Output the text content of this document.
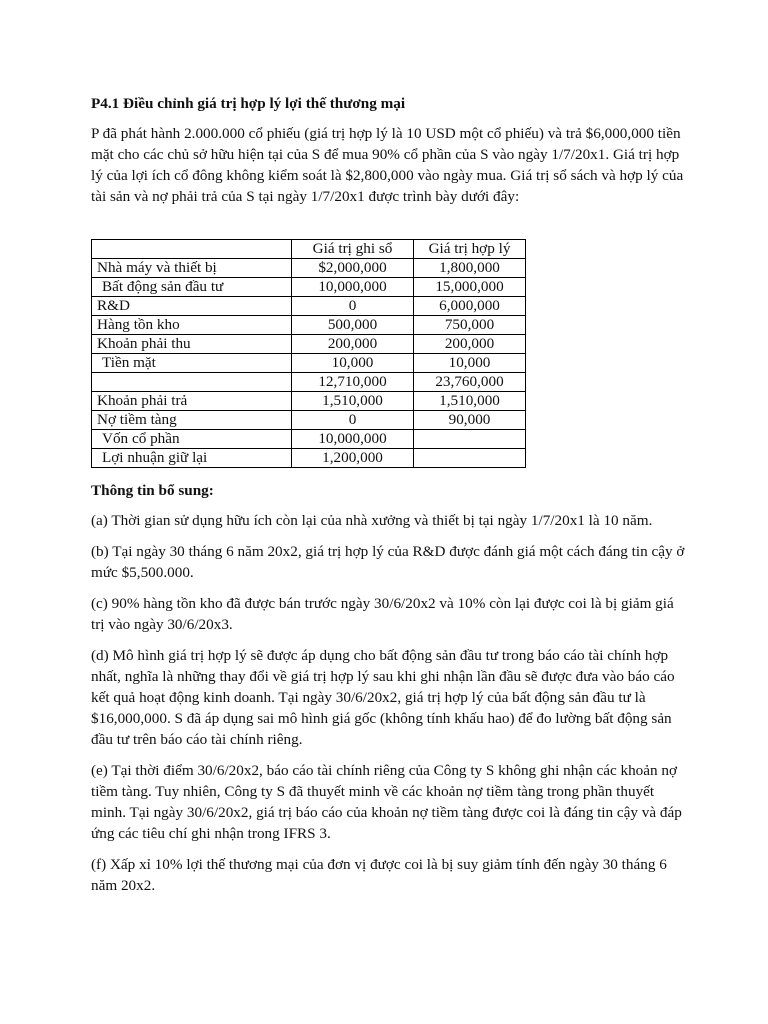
P4.1 Điều chỉnh giá trị hợp lý lợi thế thương mại

P đã phát hành 2.000.000 cổ phiếu (giá trị hợp lý là 10 USD một cổ phiếu) và trả $6,000,000 tiền mặt cho các chủ sở hữu hiện tại của S để mua 90% cổ phần của S vào ngày 1/7/20x1. Giá trị hợp lý của lợi ích cổ đông không kiểm soát là $2,800,000 vào ngày mua. Giá trị sổ sách và hợp lý của tài sản và nợ phải trả của S tại ngày 1/7/20x1 được trình bày dưới đây:

	Giá trị ghi sổ	Giá trị hợp lý
Nhà máy và thiết bị	$2,000,000	1,800,000
Bất động sản đầu tư	10,000,000	15,000,000
R&D	0	6,000,000
Hàng tồn kho	500,000	750,000
Khoản phải thu	200,000	200,000
Tiền mặt	10,000	10,000
	12,710,000	23,760,000
Khoản phải trả	1,510,000	1,510,000
Nợ tiềm tàng	0	90,000
Vốn cổ phần	10,000,000	
Lợi nhuận giữ lại	1,200,000	

Thông tin bổ sung:

(a) Thời gian sử dụng hữu ích còn lại của nhà xưởng và thiết bị tại ngày 1/7/20x1 là 10 năm.

(b) Tại ngày 30 tháng 6 năm 20x2, giá trị hợp lý của R&D được đánh giá một cách đáng tin cậy ở mức $5,500.000.

(c) 90% hàng tồn kho đã được bán trước ngày 30/6/20x2 và 10% còn lại được coi là bị giảm giá trị vào ngày 30/6/20x3.

(d) Mô hình giá trị hợp lý sẽ được áp dụng cho bất động sản đầu tư trong báo cáo tài chính hợp nhất, nghĩa là những thay đổi về giá trị hợp lý sau khi ghi nhận lần đầu sẽ được đưa vào báo cáo kết quả hoạt động kinh doanh. Tại ngày 30/6/20x2, giá trị hợp lý của bất động sản đầu tư là $16,000,000. S đã áp dụng sai mô hình giá gốc (không tính khấu hao) để đo lường bất động sản đầu tư trên báo cáo tài chính riêng.

(e) Tại thời điểm 30/6/20x2, báo cáo tài chính riêng của Công ty S không ghi nhận các khoản nợ tiềm tàng. Tuy nhiên, Công ty S đã thuyết minh về các khoản nợ tiềm tàng trong phần thuyết minh. Tại ngày 30/6/20x2, giá trị báo cáo của khoản nợ tiềm tàng được coi là đáng tin cậy và đáp ứng các tiêu chí ghi nhận trong IFRS 3.

(f) Xấp xỉ 10% lợi thế thương mại của đơn vị được coi là bị suy giảm tính đến ngày 30 tháng 6 năm 20x2.
